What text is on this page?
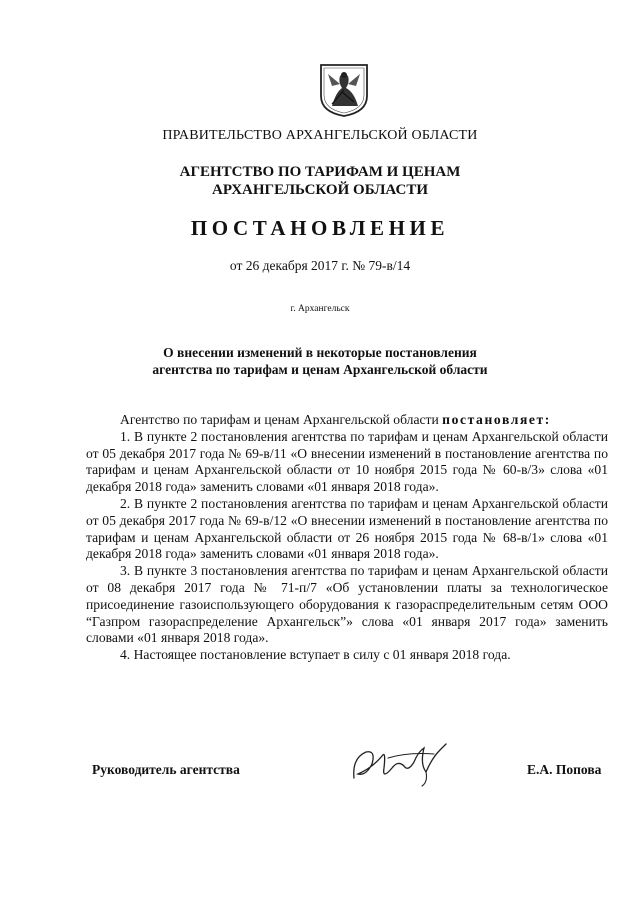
ПРАВИТЕЛЬСТВО АРХАНГЕЛЬСКОЙ ОБЛАСТИ
АГЕНТСТВО ПО ТАРИФАМ И ЦЕНАМ
АРХАНГЕЛЬСКОЙ ОБЛАСТИ
ПОСТАНОВЛЕНИЕ
от 26 декабря 2017 г. № 79-в/14
г. Архангельск
О внесении изменений в некоторые постановления
агентства по тарифам и ценам Архангельской области

Агентство по тарифам и ценам Архангельской области постановляет:

1. В пункте 2 постановления агентства по тарифам и ценам Архангельской области от 05 декабря 2017 года № 69-в/11 «О внесении изменений в постановление агентства по тарифам и ценам Архангельской области от 10 ноября 2015 года № 60-в/3» слова «01 декабря 2018 года» заменить словами «01 января 2018 года».

2. В пункте 2 постановления агентства по тарифам и ценам Архангельской области от 05 декабря 2017 года № 69-в/12 «О внесении изменений в постановление агентства по тарифам и ценам Архангельской области от 26 ноября 2015 года № 68-в/1» слова «01 декабря 2018 года» заменить словами «01 января 2018 года».

3. В пункте 3 постановления агентства по тарифам и ценам Архангельской области от 08 декабря 2017 года № 71-п/7 «Об установлении платы за технологическое присоединение газоиспользующего оборудования к газораспределительным сетям ООО “Газпром газораспределение Архангельск”» слова «01 января 2017 года» заменить словами «01 января 2018 года».

4. Настоящее постановление вступает в силу с 01 января 2018 года.

Руководитель агентства	Е.А. Попова
